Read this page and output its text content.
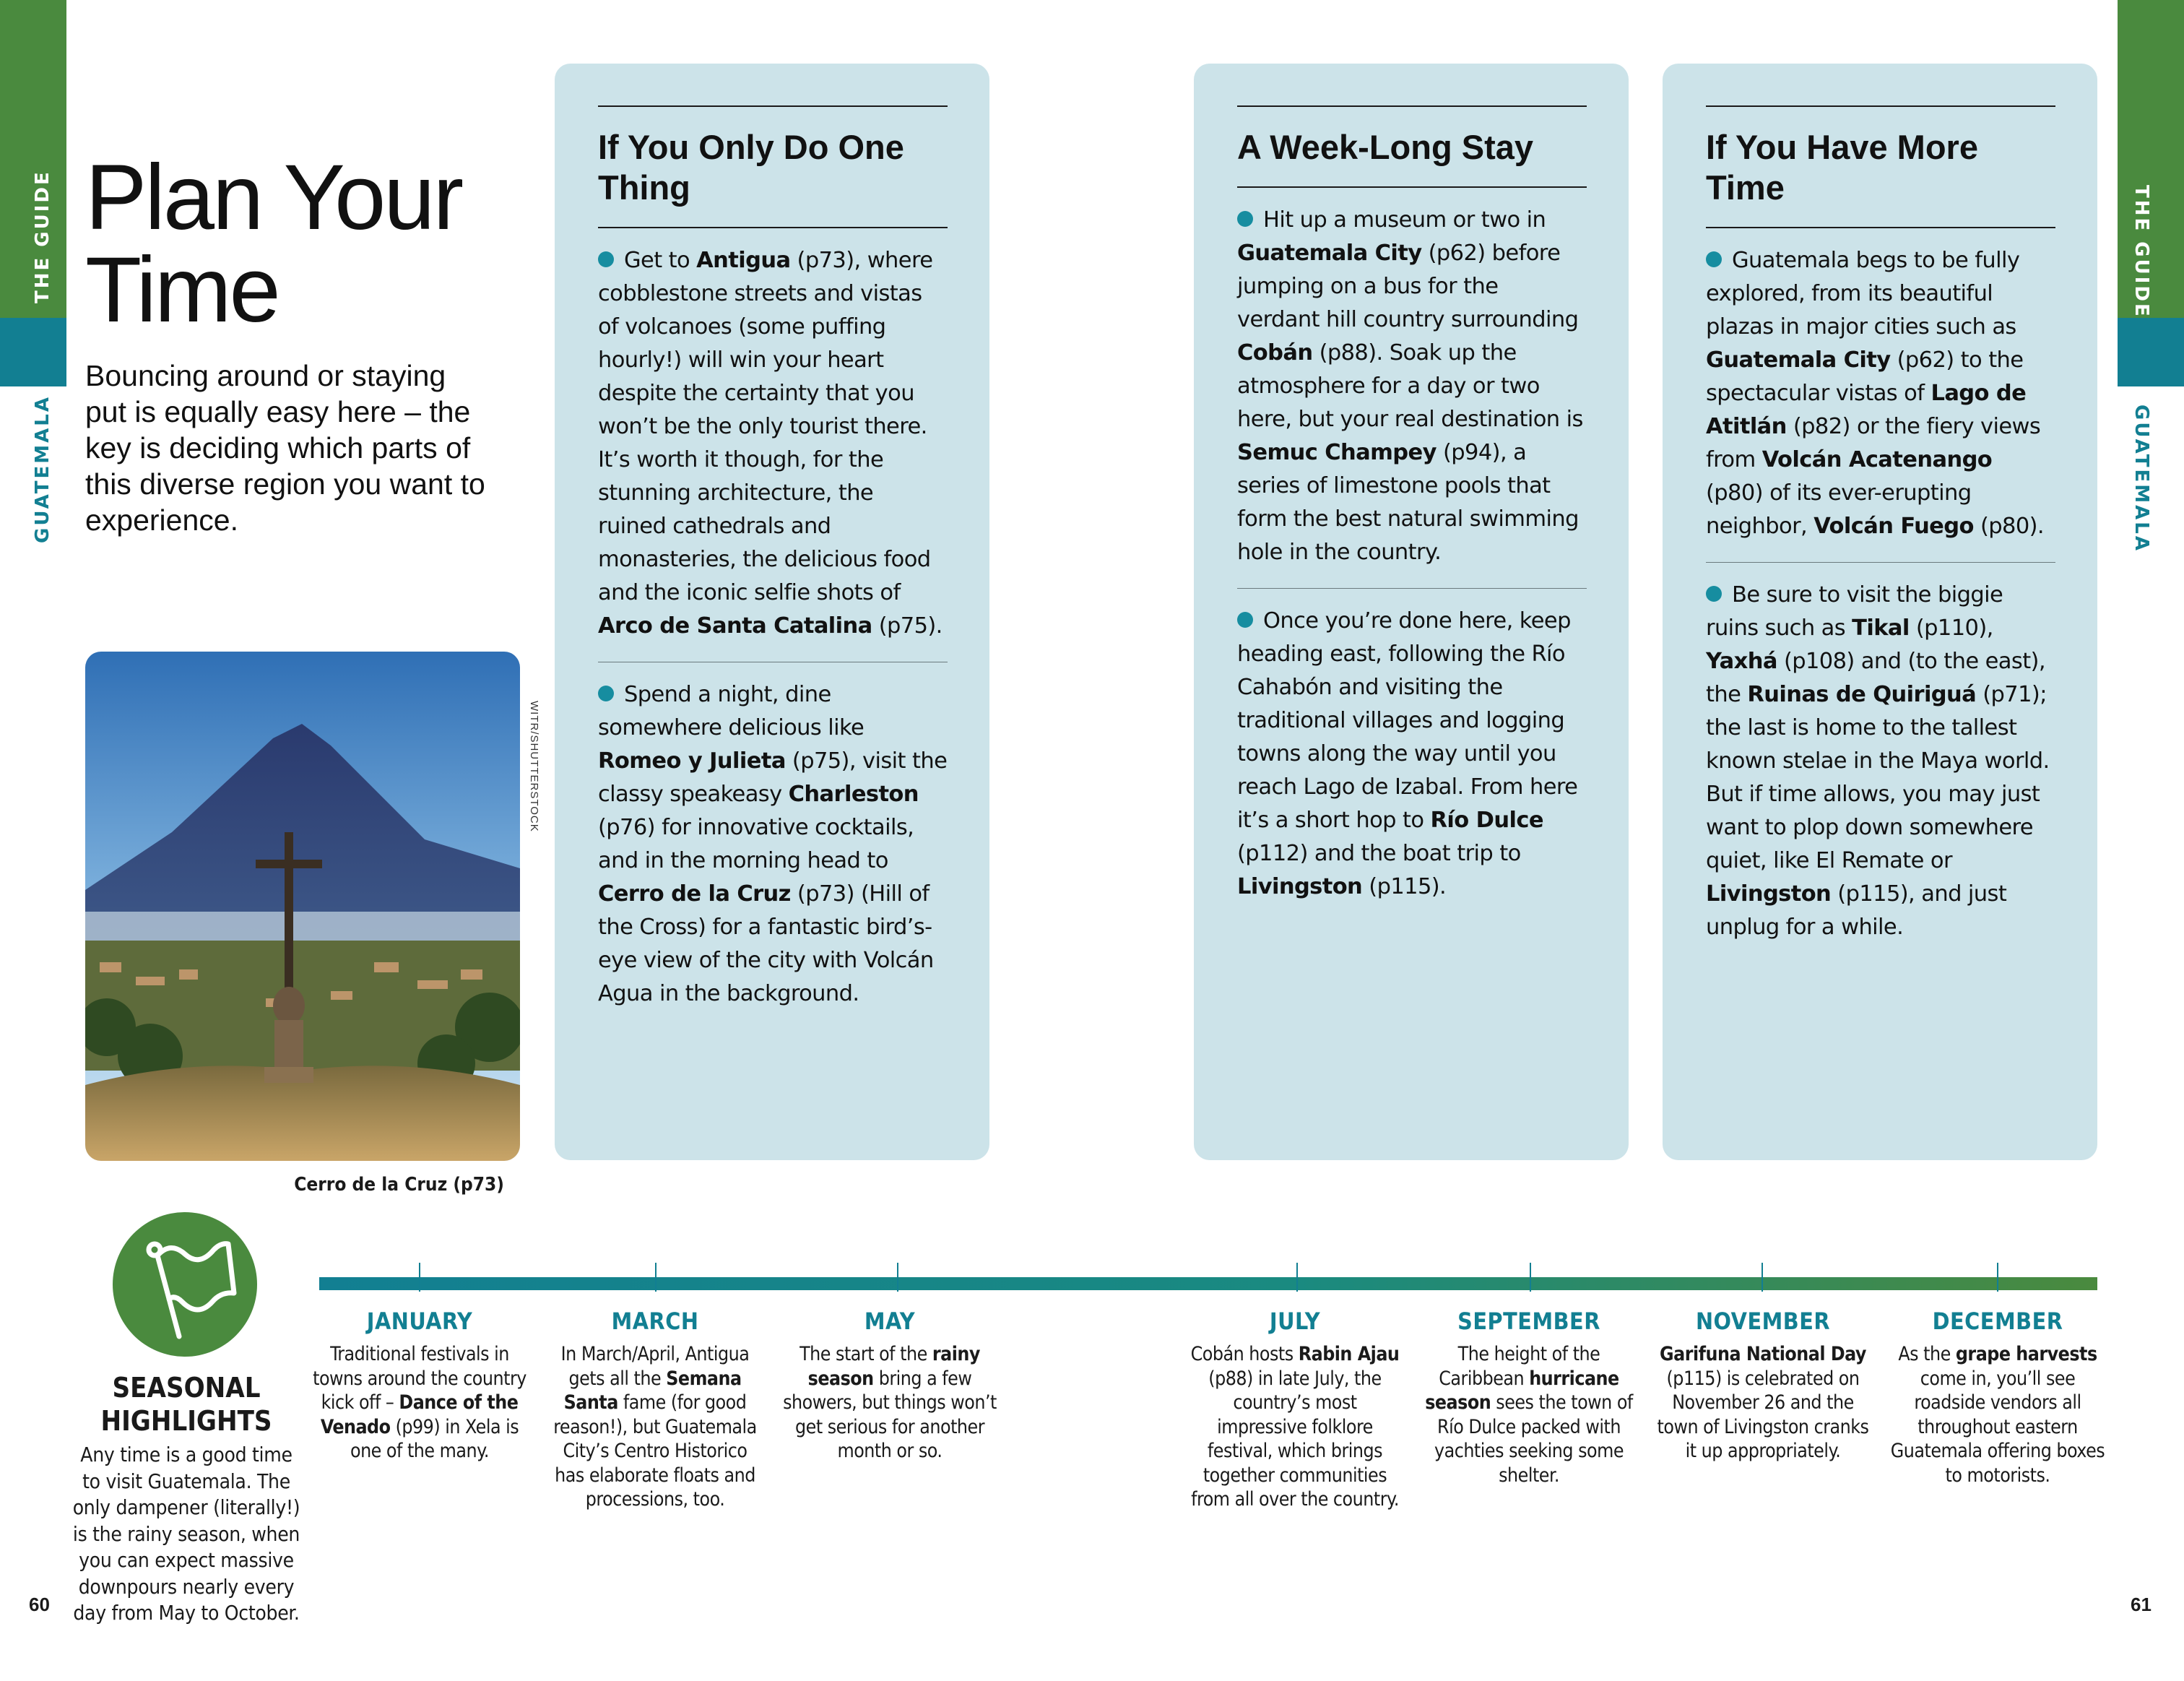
THE GUIDE
GUATEMALA
THE GUIDE
GUATEMALA
Plan Your Time
Bouncing around or staying put is equally easy here – the key is deciding which parts of this diverse region you want to experience.
WITR/SHUTTERSTOCK
Cerro de la Cruz (p73)
If You Only Do One Thing
Get to Antigua (p73), where cobblestone streets and vistas of volcanoes (some puffing hourly!) will win your heart despite the certainty that you won’t be the only tourist there. It’s worth it though, for the stunning architecture, the ruined cathedrals and monasteries, the delicious food and the iconic selfie shots of Arco de Santa Catalina (p75).
Spend a night, dine somewhere delicious like Romeo y Julieta (p75), visit the classy speakeasy Charleston (p76) for innovative cocktails, and in the morning head to Cerro de la Cruz (p73) (Hill of the Cross) for a fantastic bird’s-eye view of the city with Volcán Agua in the background.
A Week-Long Stay
Hit up a museum or two in Guatemala City (p62) before jumping on a bus for the verdant hill country surrounding Cobán (p88). Soak up the atmosphere for a day or two here, but your real destination is Semuc Champey (p94), a series of limestone pools that form the best natural swimming hole in the country.
Once you’re done here, keep heading east, following the Río Cahabón and visiting the traditional villages and logging towns along the way until you reach Lago de Izabal. From here it’s a short hop to Río Dulce (p112) and the boat trip to Livingston (p115).
If You Have More Time
Guatemala begs to be fully explored, from its beautiful plazas in major cities such as Guatemala City (p62) to the spectacular vistas of Lago de Atitlán (p82) or the fiery views from Volcán Acatenango (p80) of its ever-erupting neighbor, Volcán Fuego (p80).
Be sure to visit the biggie ruins such as Tikal (p110), Yaxhá (p108) and (to the east), the Ruinas de Quiriguá (p71); the last is home to the tallest known stelae in the Maya world. But if time allows, you may just want to plop down somewhere quiet, like El Remate or Livingston (p115), and just unplug for a while.
SEASONAL HIGHLIGHTS
Any time is a good time to visit Guatemala. The only dampener (literally!) is the rainy season, when you can expect massive downpours nearly every day from May to October.
JANUARY
Traditional festivals in towns around the country kick off – Dance of the Venado (p99) in Xela is one of the many.
MARCH
In March/April, Antigua gets all the Semana Santa fame (for good reason!), but Guatemala City’s Centro Historico has elaborate floats and processions, too.
MAY
The start of the rainy season bring a few showers, but things won’t get serious for another month or so.
JULY
Cobán hosts Rabin Ajau (p88) in late July, the country’s most impressive folklore festival, which brings together communities from all over the country.
SEPTEMBER
The height of the Caribbean hurricane season sees the town of Río Dulce packed with yachties seeking some shelter.
NOVEMBER
Garifuna National Day (p115) is celebrated on November 26 and the town of Livingston cranks it up appropriately.
DECEMBER
As the grape harvests come in, you’ll see roadside vendors all throughout eastern Guatemala offering boxes to motorists.
60	61
